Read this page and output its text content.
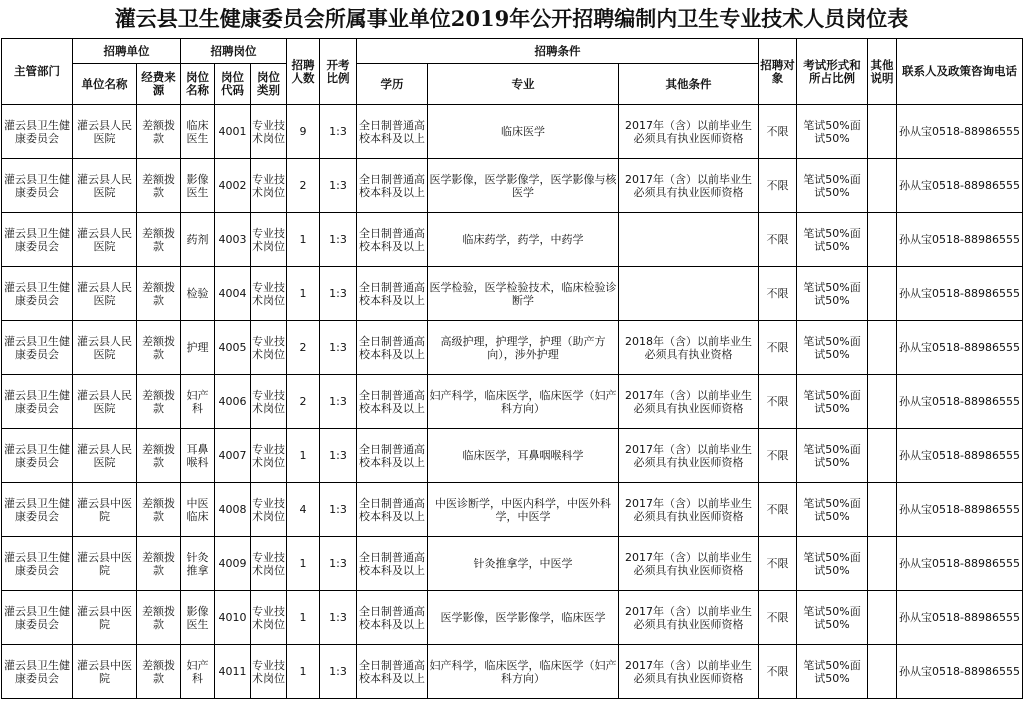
灌云县卫生健康委员会所属事业单位2019年公开招聘编制内卫生专业技术人员岗位表
主管部门	招聘单位		招聘岗位			招聘人数	开考比例	招聘条件			招聘对象	考试形式和所占比例	其他说明	联系人及政策咨询电话
	单位名称	经费来源	岗位名称	岗位代码	岗位类别			学历	专业	其他条件				
灌云县卫生健康委员会	灌云县人民医院	差额拨款	临床医生	4001	专业技术岗位	9	1:3	全日制普通高校本科及以上	临床医学	2017年（含）以前毕业生必须具有执业医师资格	不限	笔试50%面试50%		孙从宝0518-88986555
灌云县卫生健康委员会	灌云县人民医院	差额拨款	影像医生	4002	专业技术岗位	2	1:3	全日制普通高校本科及以上	医学影像，医学影像学，医学影像与核医学	2017年（含）以前毕业生必须具有执业医师资格	不限	笔试50%面试50%		孙从宝0518-88986555
灌云县卫生健康委员会	灌云县人民医院	差额拨款	药剂	4003	专业技术岗位	1	1:3	全日制普通高校本科及以上	临床药学，药学，中药学		不限	笔试50%面试50%		孙从宝0518-88986555
灌云县卫生健康委员会	灌云县人民医院	差额拨款	检验	4004	专业技术岗位	1	1:3	全日制普通高校本科及以上	医学检验，医学检验技术，临床检验诊断学		不限	笔试50%面试50%		孙从宝0518-88986555
灌云县卫生健康委员会	灌云县人民医院	差额拨款	护理	4005	专业技术岗位	2	1:3	全日制普通高校本科及以上	高级护理，护理学，护理（助产方向），涉外护理	2018年（含）以前毕业生必须具有执业资格	不限	笔试50%面试50%		孙从宝0518-88986555
灌云县卫生健康委员会	灌云县人民医院	差额拨款	妇产科	4006	专业技术岗位	2	1:3	全日制普通高校本科及以上	妇产科学，临床医学，临床医学（妇产科方向）	2017年（含）以前毕业生必须具有执业医师资格	不限	笔试50%面试50%		孙从宝0518-88986555
灌云县卫生健康委员会	灌云县人民医院	差额拨款	耳鼻喉科	4007	专业技术岗位	1	1:3	全日制普通高校本科及以上	临床医学，耳鼻咽喉科学	2017年（含）以前毕业生必须具有执业医师资格	不限	笔试50%面试50%		孙从宝0518-88986555
灌云县卫生健康委员会	灌云县中医院	差额拨款	中医临床	4008	专业技术岗位	4	1:3	全日制普通高校本科及以上	中医诊断学，中医内科学，中医外科学，中医学	2017年（含）以前毕业生必须具有执业医师资格	不限	笔试50%面试50%		孙从宝0518-88986555
灌云县卫生健康委员会	灌云县中医院	差额拨款	针灸推拿	4009	专业技术岗位	1	1:3	全日制普通高校本科及以上	针灸推拿学，中医学	2017年（含）以前毕业生必须具有执业医师资格	不限	笔试50%面试50%		孙从宝0518-88986555
灌云县卫生健康委员会	灌云县中医院	差额拨款	影像医生	4010	专业技术岗位	1	1:3	全日制普通高校本科及以上	医学影像，医学影像学，临床医学	2017年（含）以前毕业生必须具有执业医师资格	不限	笔试50%面试50%		孙从宝0518-88986555
灌云县卫生健康委员会	灌云县中医院	差额拨款	妇产科	4011	专业技术岗位	1	1:3	全日制普通高校本科及以上	妇产科学，临床医学，临床医学（妇产科方向）	2017年（含）以前毕业生必须具有执业医师资格	不限	笔试50%面试50%		孙从宝0518-88986555
